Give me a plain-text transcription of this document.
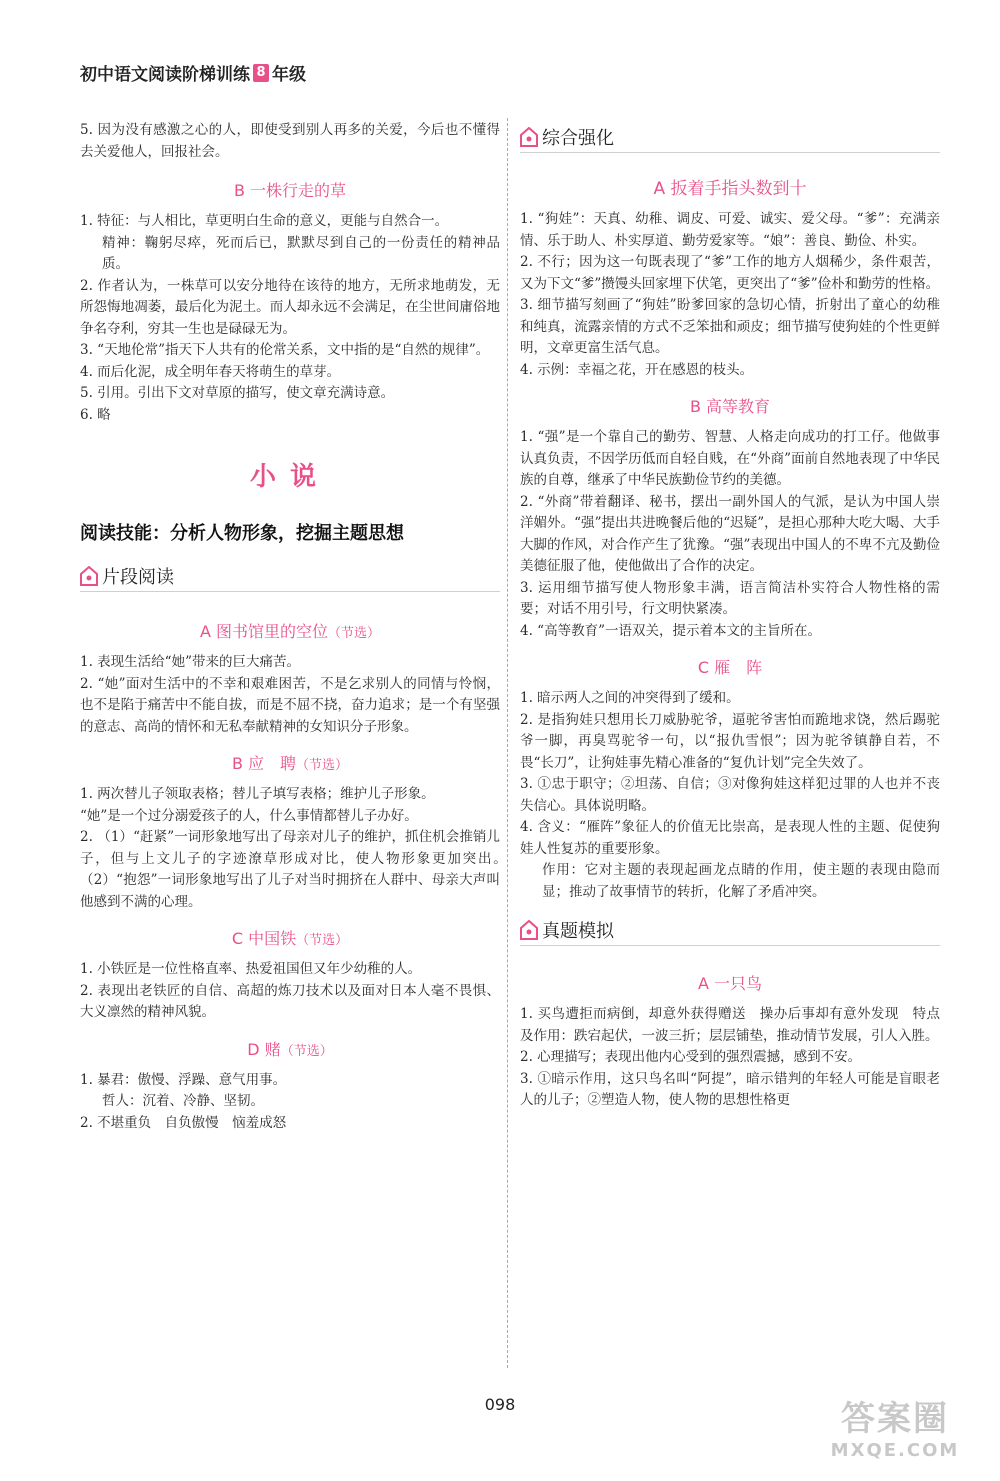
初中语文阅读阶梯训练 8 年级

5. 因为没有感激之心的人，即使受到别人再多的关爱，今后也不懂得去关爱他人，回报社会。

B 一株行走的草

1. 特征：与人相比，草更明白生命的意义，更能与自然合一。

精神：鞠躬尽瘁，死而后已，默默尽到自己的一份责任的精神品质。

2. 作者认为，一株草可以安分地待在该待的地方，无所求地萌发，无所怨悔地凋萎，最后化为泥土。而人却永远不会满足，在尘世间庸俗地争名夺利，穷其一生也是碌碌无为。

3. “天地伦常”指天下人共有的伦常关系，文中指的是“自然的规律”。

4. 而后化泥，成全明年春天将萌生的草芽。

5. 引用。引出下文对草原的描写，使文章充满诗意。

6. 略

小说
阅读技能：分析人物形象，挖掘主题思想
片段阅读

A 图书馆里的空位（节选）

1. 表现生活给“她”带来的巨大痛苦。

2. “她”面对生活中的不幸和艰难困苦，不是乞求别人的同情与怜悯，也不是陷于痛苦中不能自拔，而是不屈不挠，奋力追求；是一个有坚强的意志、高尚的情怀和无私奉献精神的女知识分子形象。

B 应　聘（节选）

1. 两次替儿子领取表格；替儿子填写表格；维护儿子形象。

“她”是一个过分溺爱孩子的人，什么事情都替儿子办好。

2. （1）“赶紧”一词形象地写出了母亲对儿子的维护，抓住机会推销儿子，但与上文儿子的字迹潦草形成对比，使人物形象更加突出。　（2）“抱怨”一词形象地写出了儿子对当时拥挤在人群中、母亲大声叫他感到不满的心理。

C 中国铁（节选）

1. 小铁匠是一位性格直率、热爱祖国但又年少幼稚的人。

2. 表现出老铁匠的自信、高超的炼刀技术以及面对日本人毫不畏惧、大义凛然的精神风貌。

D 赌（节选）

1. 暴君：傲慢、浮躁、意气用事。

哲人：沉着、冷静、坚韧。

2. 不堪重负　自负傲慢　恼羞成怒

综合强化

A 扳着手指头数到十

1. “狗娃”：天真、幼稚、调皮、可爱、诚实、爱父母。“爹”：充满亲情、乐于助人、朴实厚道、勤劳爱家等。“娘”：善良、勤俭、朴实。

2. 不行；因为这一句既表现了“爹”工作的地方人烟稀少，条件艰苦，又为下文“爹”攒馒头回家埋下伏笔，更突出了“爹”俭朴和勤劳的性格。

3. 细节描写刻画了“狗娃”盼爹回家的急切心情，折射出了童心的幼稚和纯真，流露亲情的方式不乏笨拙和顽皮；细节描写使狗娃的个性更鲜明，文章更富生活气息。

4. 示例：幸福之花，开在感恩的枝头。

B 高等教育

1. “强”是一个靠自己的勤劳、智慧、人格走向成功的打工仔。他做事认真负责，不因学历低而自轻自贱，在“外商”面前自然地表现了中华民族的自尊，继承了中华民族勤俭节约的美德。

2. “外商”带着翻译、秘书，摆出一副外国人的气派，是认为中国人崇洋媚外。“强”提出共进晚餐后他的“迟疑”，是担心那种大吃大喝、大手大脚的作风，对合作产生了犹豫。“强”表现出中国人的不卑不亢及勤俭美德征服了他，使他做出了合作的决定。

3. 运用细节描写使人物形象丰满，语言简洁朴实符合人物性格的需要；对话不用引号，行文明快紧凑。

4. “高等教育”一语双关，提示着本文的主旨所在。

C 雁　阵

1. 暗示两人之间的冲突得到了缓和。

2. 是指狗娃只想用长刀威胁驼爷，逼驼爷害怕而跪地求饶，然后踢驼爷一脚，再臭骂驼爷一句，以“报仇雪恨”；因为驼爷镇静自若，不畏“长刀”，让狗娃事先精心准备的“复仇计划”完全失效了。

3. ①忠于职守；②坦荡、自信；③对像狗娃这样犯过罪的人也并不丧失信心。具体说明略。

4. 含义：“雁阵”象征人的价值无比崇高，是表现人性的主题、促使狗娃人性复苏的重要形象。

作用：它对主题的表现起画龙点睛的作用，使主题的表现由隐而显；推动了故事情节的转折，化解了矛盾冲突。

真题模拟

A 一只鸟

1. 买鸟遭拒而病倒，却意外获得赠送　操办后事却有意外发现　特点及作用：跌宕起伏，一波三折；层层铺垫，推动情节发展，引人入胜。

2. 心理描写；表现出他内心受到的强烈震撼，感到不安。

3. ①暗示作用，这只鸟名叫“阿提”，暗示错判的年轻人可能是盲眼老人的儿子；②塑造人物，使人物的思想性格更

098	答案圈
MXQE.COM
